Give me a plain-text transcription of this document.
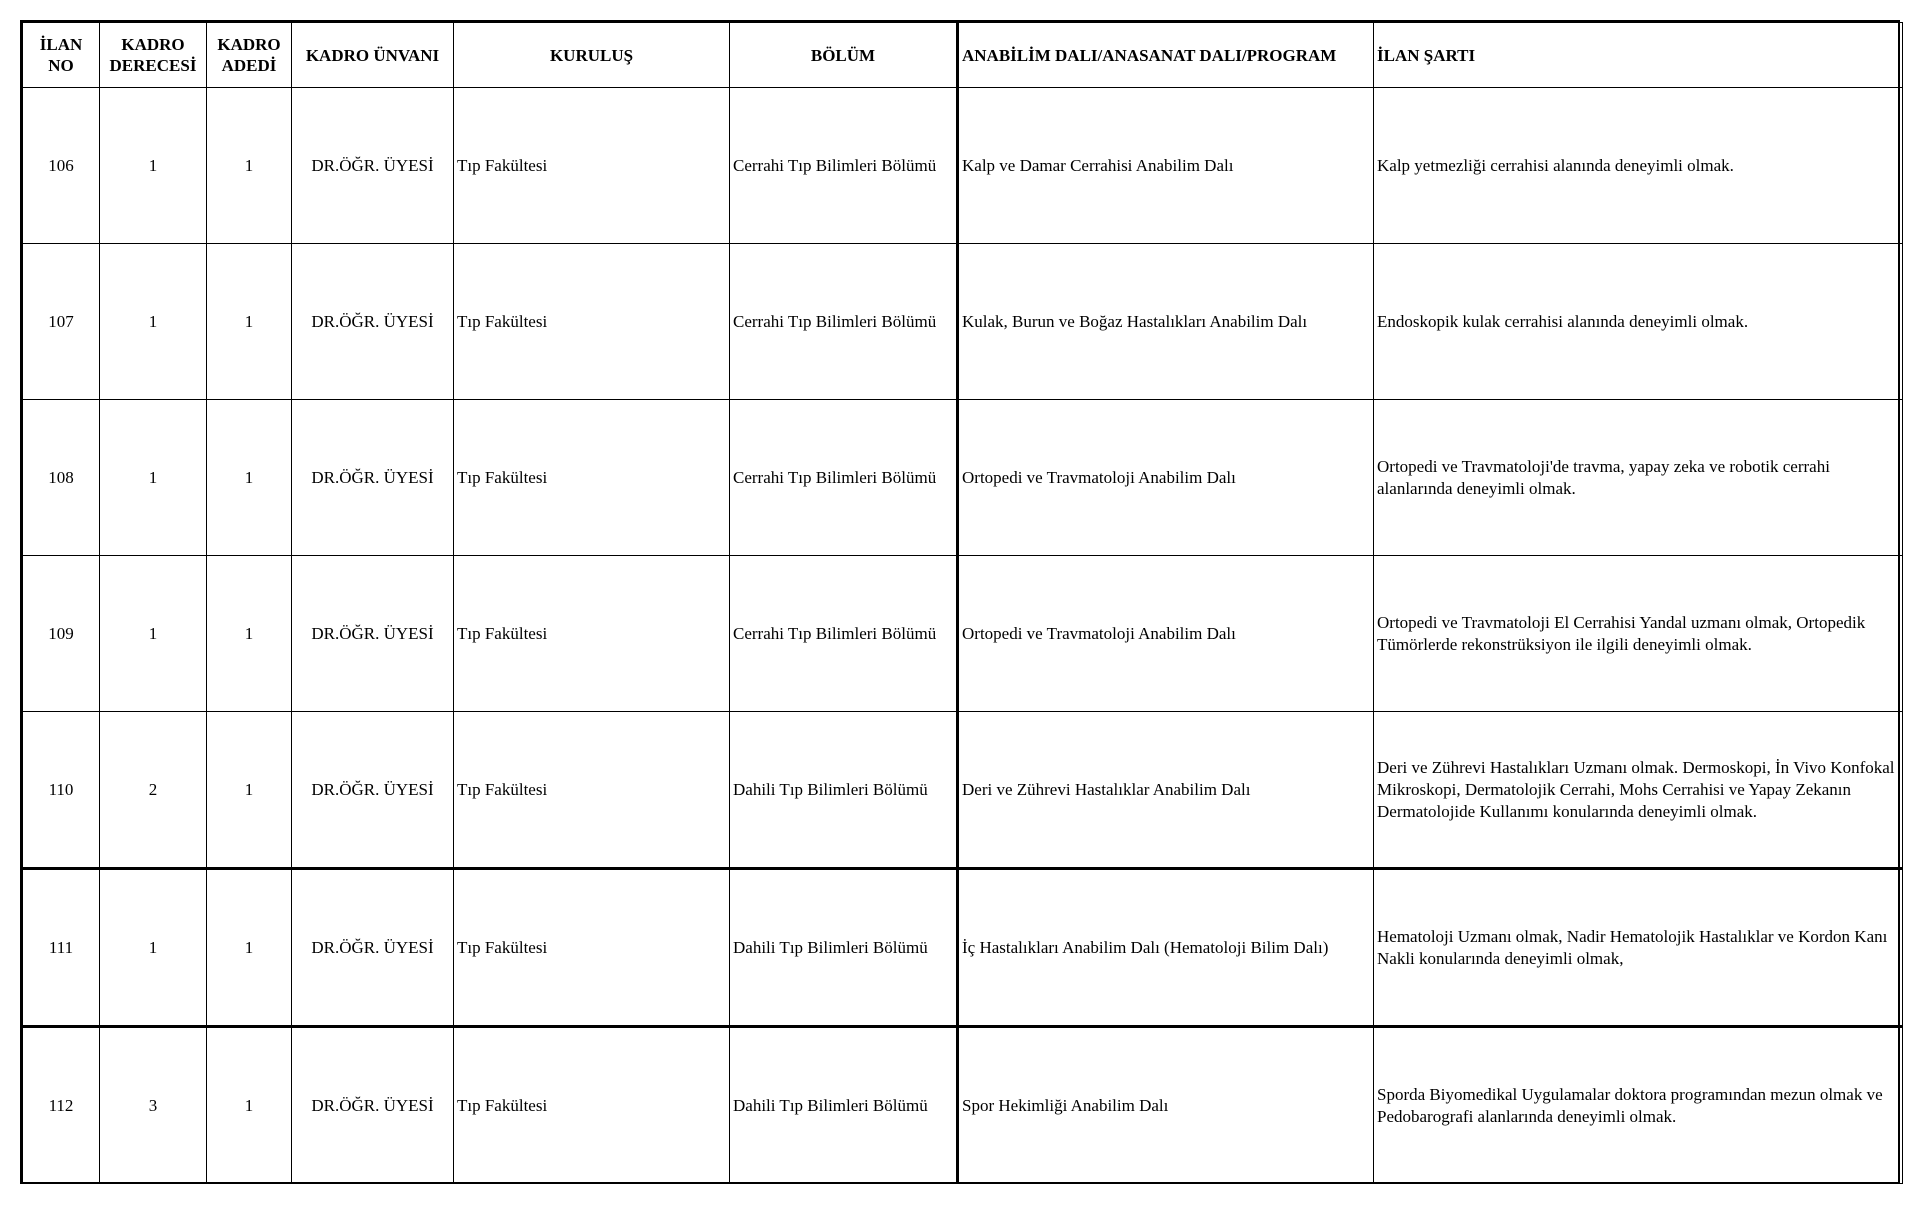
İLAN NO	KADRO DERECESİ	KADRO ADEDİ	KADRO ÜNVANI	KURULUŞ	BÖLÜM	ANABİLİM DALI/ANASANAT DALI/PROGRAM	İLAN ŞARTI
106	1	1	DR.ÖĞR. ÜYESİ	Tıp Fakültesi	Cerrahi Tıp Bilimleri Bölümü	Kalp ve Damar Cerrahisi Anabilim Dalı	Kalp yetmezliği cerrahisi alanında deneyimli olmak.
107	1	1	DR.ÖĞR. ÜYESİ	Tıp Fakültesi	Cerrahi Tıp Bilimleri Bölümü	Kulak, Burun ve Boğaz Hastalıkları Anabilim Dalı	Endoskopik kulak cerrahisi alanında deneyimli olmak.
108	1	1	DR.ÖĞR. ÜYESİ	Tıp Fakültesi	Cerrahi Tıp Bilimleri Bölümü	Ortopedi ve Travmatoloji Anabilim Dalı	Ortopedi ve Travmatoloji'de travma, yapay zeka ve robotik cerrahi alanlarında deneyimli olmak.
109	1	1	DR.ÖĞR. ÜYESİ	Tıp Fakültesi	Cerrahi Tıp Bilimleri Bölümü	Ortopedi ve Travmatoloji Anabilim Dalı	Ortopedi ve Travmatoloji El Cerrahisi Yandal uzmanı olmak, Ortopedik Tümörlerde rekonstrüksiyon ile ilgili deneyimli olmak.
110	2	1	DR.ÖĞR. ÜYESİ	Tıp Fakültesi	Dahili Tıp Bilimleri Bölümü	Deri ve Zührevi Hastalıklar Anabilim Dalı	Deri ve Zührevi Hastalıkları Uzmanı olmak. Dermoskopi, İn Vivo Konfokal Mikroskopi, Dermatolojik Cerrahi, Mohs Cerrahisi ve Yapay Zekanın Dermatolojide Kullanımı konularında deneyimli olmak.
111	1	1	DR.ÖĞR. ÜYESİ	Tıp Fakültesi	Dahili Tıp Bilimleri Bölümü	İç Hastalıkları Anabilim Dalı (Hematoloji Bilim Dalı)	Hematoloji Uzmanı olmak, Nadir Hematolojik Hastalıklar ve Kordon Kanı Nakli konularında deneyimli olmak,
112	3	1	DR.ÖĞR. ÜYESİ	Tıp Fakültesi	Dahili Tıp Bilimleri Bölümü	Spor Hekimliği Anabilim Dalı	Sporda Biyomedikal Uygulamalar doktora programından mezun olmak ve Pedobarografi alanlarında deneyimli olmak.
